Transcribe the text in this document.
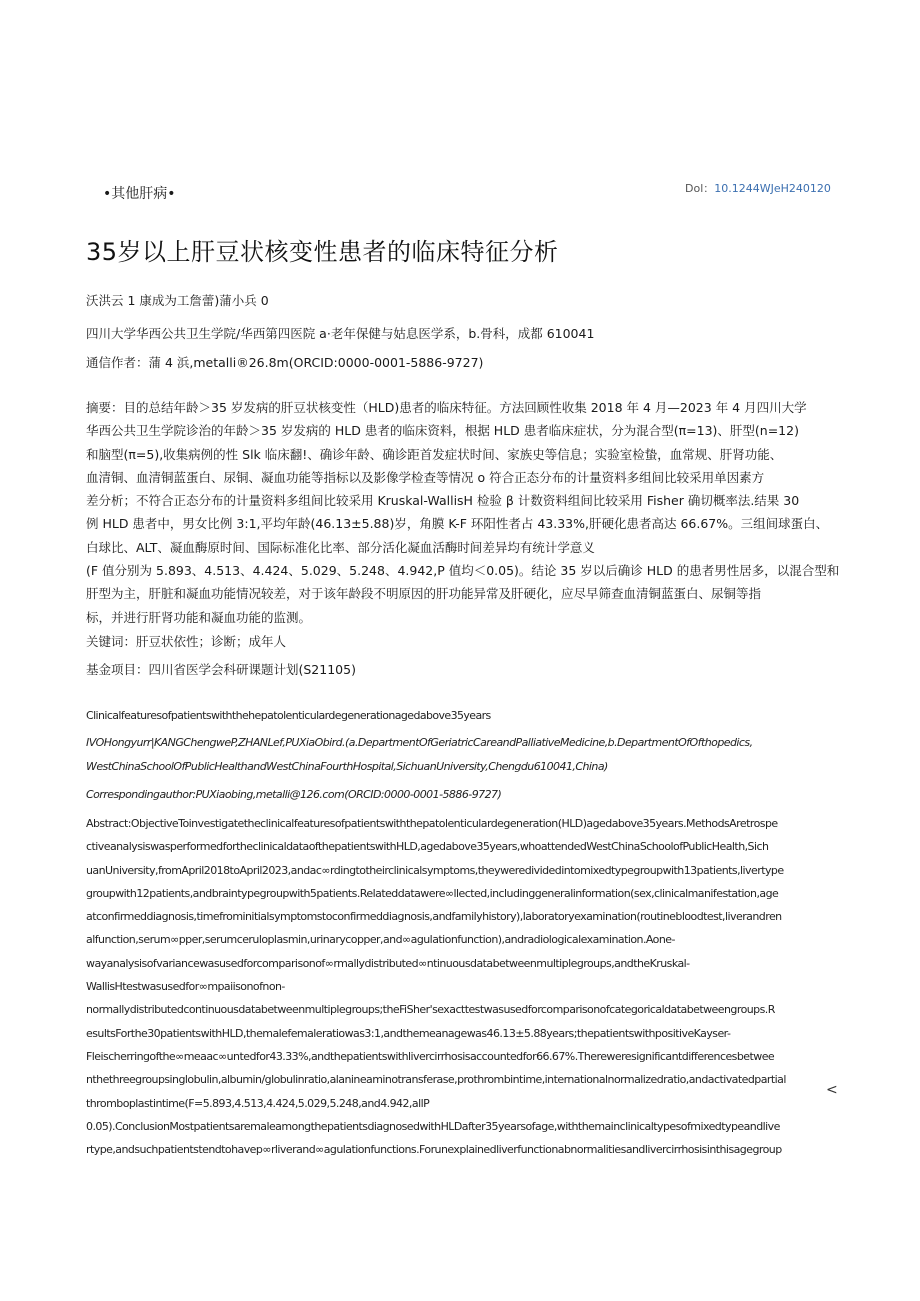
•其他肝病•	Dol：10.1244WJeH240120
35岁以上肝豆状核变性患者的临床特征分析
沃洪云 1 康成为工詹蕾)蒲小兵 0
四川大学华西公共卫生学院/华西第四医院 a·老年保健与姑息医学系，b.骨科，成都 610041
通信作者：蒲 4 浜,metalli®26.8m(ORCID:0000-0001-5886-9727)

摘要：目的总结年龄＞35 岁发病的肝豆状核变性（HLD)患者的临床特征。方法回顾性收集 2018 年 4 月—2023 年 4 月四川大学

华西公共卫生学院诊治的年龄＞35 岁发病的 HLD 患者的临床资料，根据 HLD 患者临床症状，分为混合型(π=13)、肝型(n=12)

和脑型(π=5),收集病例的性 Slk 临床翻!、确诊年龄、确诊距首发症状时间、家族史等信息；实验室检蛰，血常规、肝肾功能、

血清铜、血清铜蓝蛋白、尿铜、凝血功能等指标以及影像学检查等情况 o 符合正态分布的计量资料多组间比较采用单因素方

差分析；不符合正态分布的计量资料多组间比较采用 Kruskal-WallisH 检验 β 计数资料组间比较采用 Fisher 确切概率法.结果 30

例 HLD 患者中，男女比例 3:1,平均年龄(46.13±5.88)岁，角膜 K-F 环阳性者占 43.33%,肝硬化患者高达 66.67%。三组间球蛋白、

白球比、ALT、凝血酶原时间、国际标准化比率、部分活化凝血活酶时间差异均有统计学意义

(F 值分别为 5.893、4.513、4.424、5.029、5.248、4.942,P 值均＜0.05)。结论 35 岁以后确诊 HLD 的患者男性居多，以混合型和

肝型为主，肝脏和凝血功能情况较差，对于该年龄段不明原因的肝功能异常及肝硬化，应尽早筛查血清铜蓝蛋白、尿铜等指

标，并进行肝肾功能和凝血功能的监测。

关键词：肝豆状依性；诊断；成年人
基金项目：四川省医学会科研课题计划(S21105)
Clinicalfeaturesofpatientswiththehepatolenticulardegenerationagedabove35years
IVOHongyurr|KANGChengweP,ZHANLef,PUXiaObird.(a.DepartmentOfGeriatricCareandPalliativeMedicine,b.DepartmentOfOfthopedics,
WestChinaSchoolOfPublicHealthandWestChinaFourthHospital,SichuanUniversity,Chengdu610041,China)
Correspondingauthor:PUXiaobing,metalli@126.com(ORCID:0000-0001-5886-9727)

Abstract:ObjectiveToinvestigatetheclinicalfeaturesofpatientswiththepatolenticulardegeneration(HLD)agedabove35years.MethodsAretrospe

ctiveanalysiswasperformedfortheclinicaldataofthepatientswithHLD,agedabove35years,whoattendedWestChinaSchoolofPublicHealth,Sich

uanUniversity,fromApril2018toApril2023,andac∞rdingtotheirclinicalsymptoms,theyweredividedintomixedtypegroupwith13patients,livertype

groupwith12patients,andbraintypegroupwith5patients.Relateddatawere∞llected,includinggeneralinformation(sex,clinicalmanifestation,age

atconfirmeddiagnosis,timefrominitialsymptomstoconfirmeddiagnosis,andfamilyhistory),laboratoryexamination(routinebloodtest,liverandren

alfunction,serum∞pper,serumceruloplasmin,urinarycopper,and∞agulationfunction),andradiologicalexamination.Aone-

wayanalysisofvariancewasusedforcomparisonof∞rmallydistributed∞ntinuousdatabetweenmultiplegroups,andtheKruskal-

WallisHtestwasusedfor∞mpaiisonofnon-

normallydistributedcontinuousdatabetweenmultiplegroups;theFiSher'sexacttestwasusedforcomparisonofcategoricaldatabetweengroups.R

esultsForthe30patientswithHLD,themalefemaleratiowas3:1,andthemeanagewas46.13±5.88years;thepatientswithpositiveKayser-

Fleischerringofthe∞meaac∞untedfor43.33%,andthepatientswithlivercirrhosisaccountedfor66.67%.Thereweresignificantdifferencesbetwee

nthethreegroupsinglobulin,albumin/globulinratio,alanineaminotransferase,prothrombintime,internationalnormalizedratio,andactivatedpartial

thromboplastintime(F=5.893,4.513,4.424,5.029,5.248,and4.942,allP

0.05).ConclusionMostpatientsaremaleamongthepatientsdiagnosedwithHLDafter35yearsofage,withthemainclinicaltypesofmixedtypeandlive

rtype,andsuchpatientstendtohavep∞rliverand∞agulationfunctions.Forunexplainedliverfunctionabnormalitiesandlivercirrhosisinthisagegroup

<
